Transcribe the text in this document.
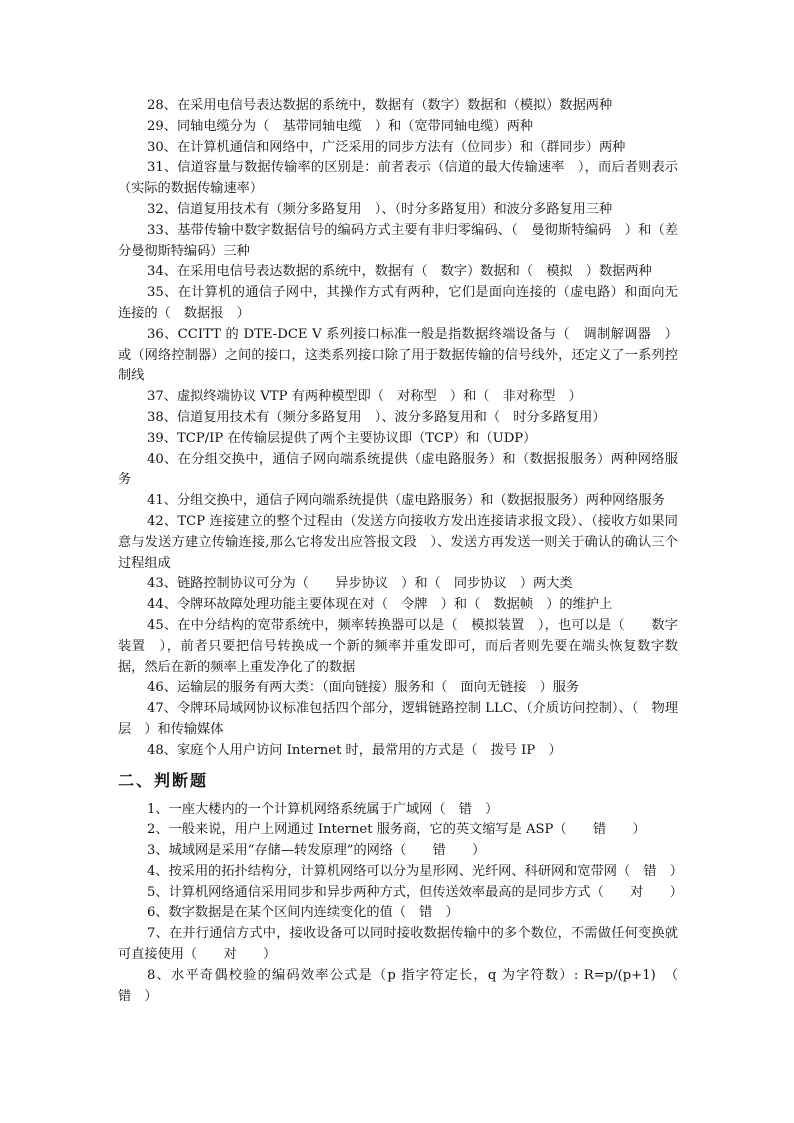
28、在采用电信号表达数据的系统中，数据有（数字）数据和（模拟）数据两种

29、同轴电缆分为（　基带同轴电缆　）和（宽带同轴电缆）两种

30、在计算机通信和网络中，广泛采用的同步方法有（位同步）和（群同步）两种

31、信道容量与数据传输率的区别是：前者表示（信道的最大传输速率　），而后者则表示（实际的数据传输速率）

32、信道复用技术有（频分多路复用　）、（时分多路复用）和波分多路复用三种

33、基带传输中数字数据信号的编码方式主要有非归零编码、（　曼彻斯特编码　）和（差分曼彻斯特编码）三种

34、在采用电信号表达数据的系统中，数据有（　数字）数据和（　模拟　）数据两种

35、在计算机的通信子网中，其操作方式有两种，它们是面向连接的（虚电路）和面向无连接的（　数据报　）

36、CCITT 的 DTE-DCE V 系列接口标准一般是指数据终端设备与（　调制解调器　）或（网络控制器）之间的接口，这类系列接口除了用于数据传输的信号线外，还定义了一系列控制线

37、虚拟终端协议 VTP 有两种模型即（　对称型　）和（　非对称型　）

38、信道复用技术有（频分多路复用　）、波分多路复用和（　时分多路复用）

39、TCP/IP 在传输层提供了两个主要协议即（TCP）和（UDP）

40、在分组交换中，通信子网向端系统提供（虚电路服务）和（数据报服务）两种网络服务

41、分组交换中，通信子网向端系统提供（虚电路服务）和（数据报服务）两种网络服务

42、TCP 连接建立的整个过程由（发送方向接收方发出连接请求报文段）、（接收方如果同意与发送方建立传输连接,那么它将发出应答报文段　）、发送方再发送一则关于确认的确认三个过程组成

43、链路控制协议可分为（　　异步协议　）和（　同步协议　）两大类

44、令牌环故障处理功能主要体现在对（　令牌　）和（　数据帧　）的维护上

45、在中分结构的宽带系统中，频率转换器可以是（　模拟装置　），也可以是（　　数字装置　），前者只要把信号转换成一个新的频率并重发即可，而后者则先要在端头恢复数字数据，然后在新的频率上重发净化了的数据

46、运输层的服务有两大类：（面向链接）服务和（　面向无链接　）服务

47、令牌环局域网协议标准包括四个部分，逻辑链路控制 LLC、（介质访问控制）、（　物理层　）和传输媒体

48、家庭个人用户访问 Internet 时，最常用的方式是（　拨号 IP　）

二、判断题

1、一座大楼内的一个计算机网络系统属于广域网（　错　）

2、一般来说，用户上网通过 Internet 服务商，它的英文缩写是 ASP（　　错　　）

3、城域网是采用“存储—转发原理”的网络（　　错　　）

4、按采用的拓扑结构分，计算机网络可以分为星形网、光纤网、科研网和宽带网（　错　）

5、计算机网络通信采用同步和异步两种方式，但传送效率最高的是同步方式（　　对　　）

6、数字数据是在某个区间内连续变化的值（　错　）

7、在并行通信方式中，接收设备可以同时接收数据传输中的多个数位，不需做任何变换就可直接使用（　　对　　）

8、水平奇偶校验的编码效率公式是（p 指字符定长，q 为字符数）: R=p/(p+1)　（　错　）
